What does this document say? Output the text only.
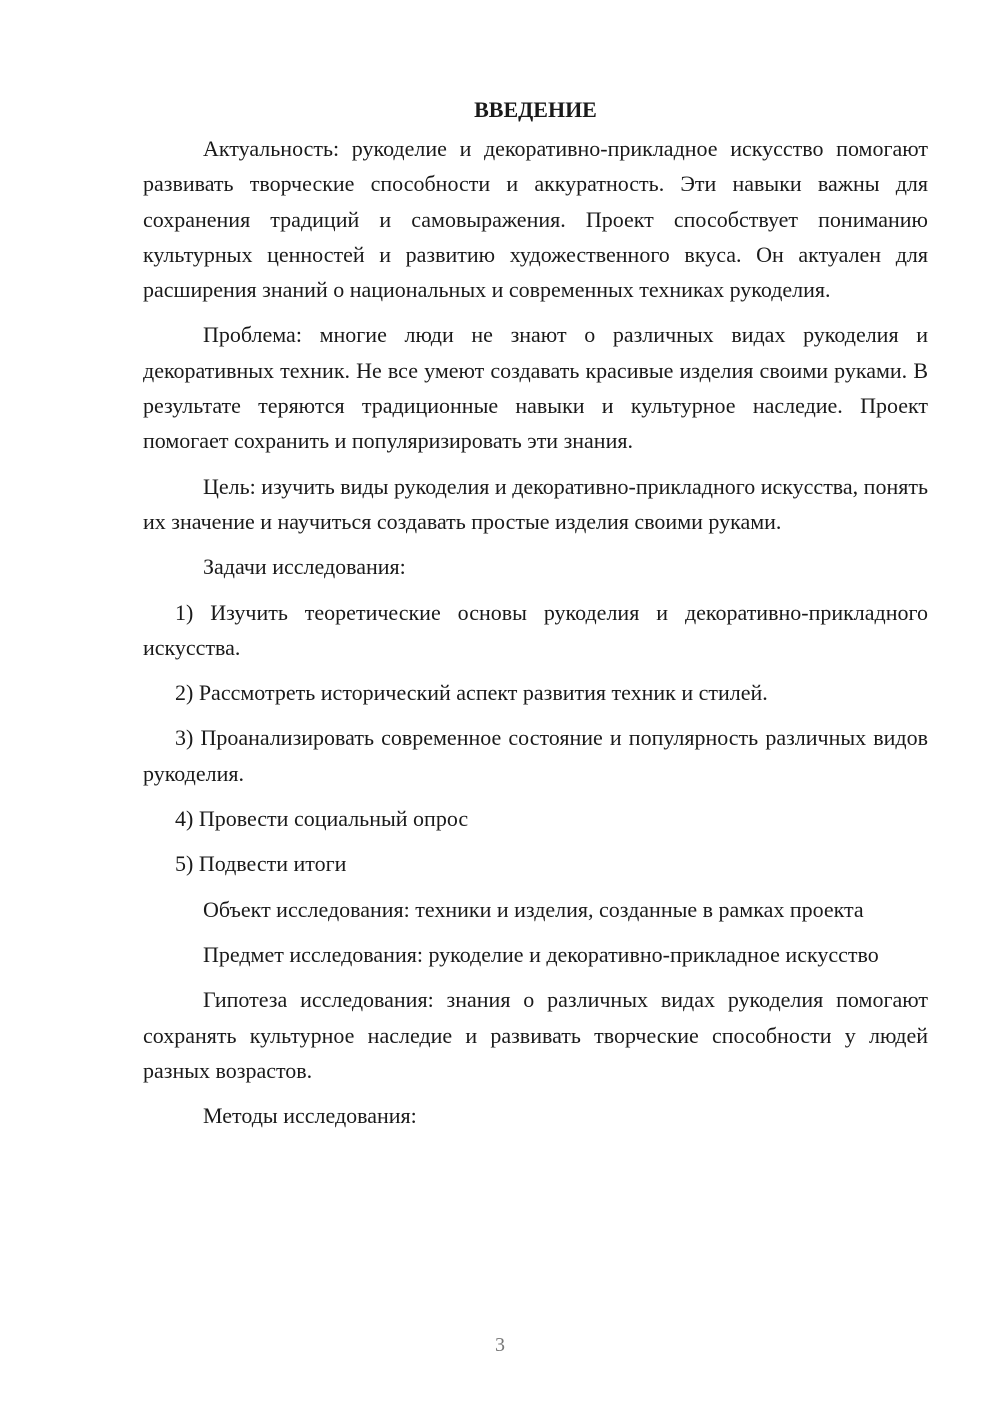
ВВЕДЕНИЕ

Актуальность: рукоделие и декоративно-прикладное искусство помогают развивать творческие способности и аккуратность. Эти навыки важны для сохранения традиций и самовыражения. Проект способствует пониманию культурных ценностей и развитию художественного вкуса. Он актуален для расширения знаний о национальных и современных техниках рукоделия.

Проблема: многие люди не знают о различных видах рукоделия и декоративных техник. Не все умеют создавать красивые изделия своими руками. В результате теряются традиционные навыки и культурное наследие. Проект помогает сохранить и популяризировать эти знания.

Цель: изучить виды рукоделия и декоративно-прикладного искусства, понять их значение и научиться создавать простые изделия своими руками.

Задачи исследования:

1) Изучить теоретические основы рукоделия и декоративно-прикладного искусства.

2) Рассмотреть исторический аспект развития техник и стилей.

3) Проанализировать современное состояние и популярность различных видов рукоделия.

4) Провести социальный опрос

5) Подвести итоги

Объект исследования: техники и изделия, созданные в рамках проекта

Предмет исследования: рукоделие и декоративно-прикладное искусство

Гипотеза исследования: знания о различных видах рукоделия помогают сохранять культурное наследие и развивать творческие способности у людей разных возрастов.

Методы исследования:

3
